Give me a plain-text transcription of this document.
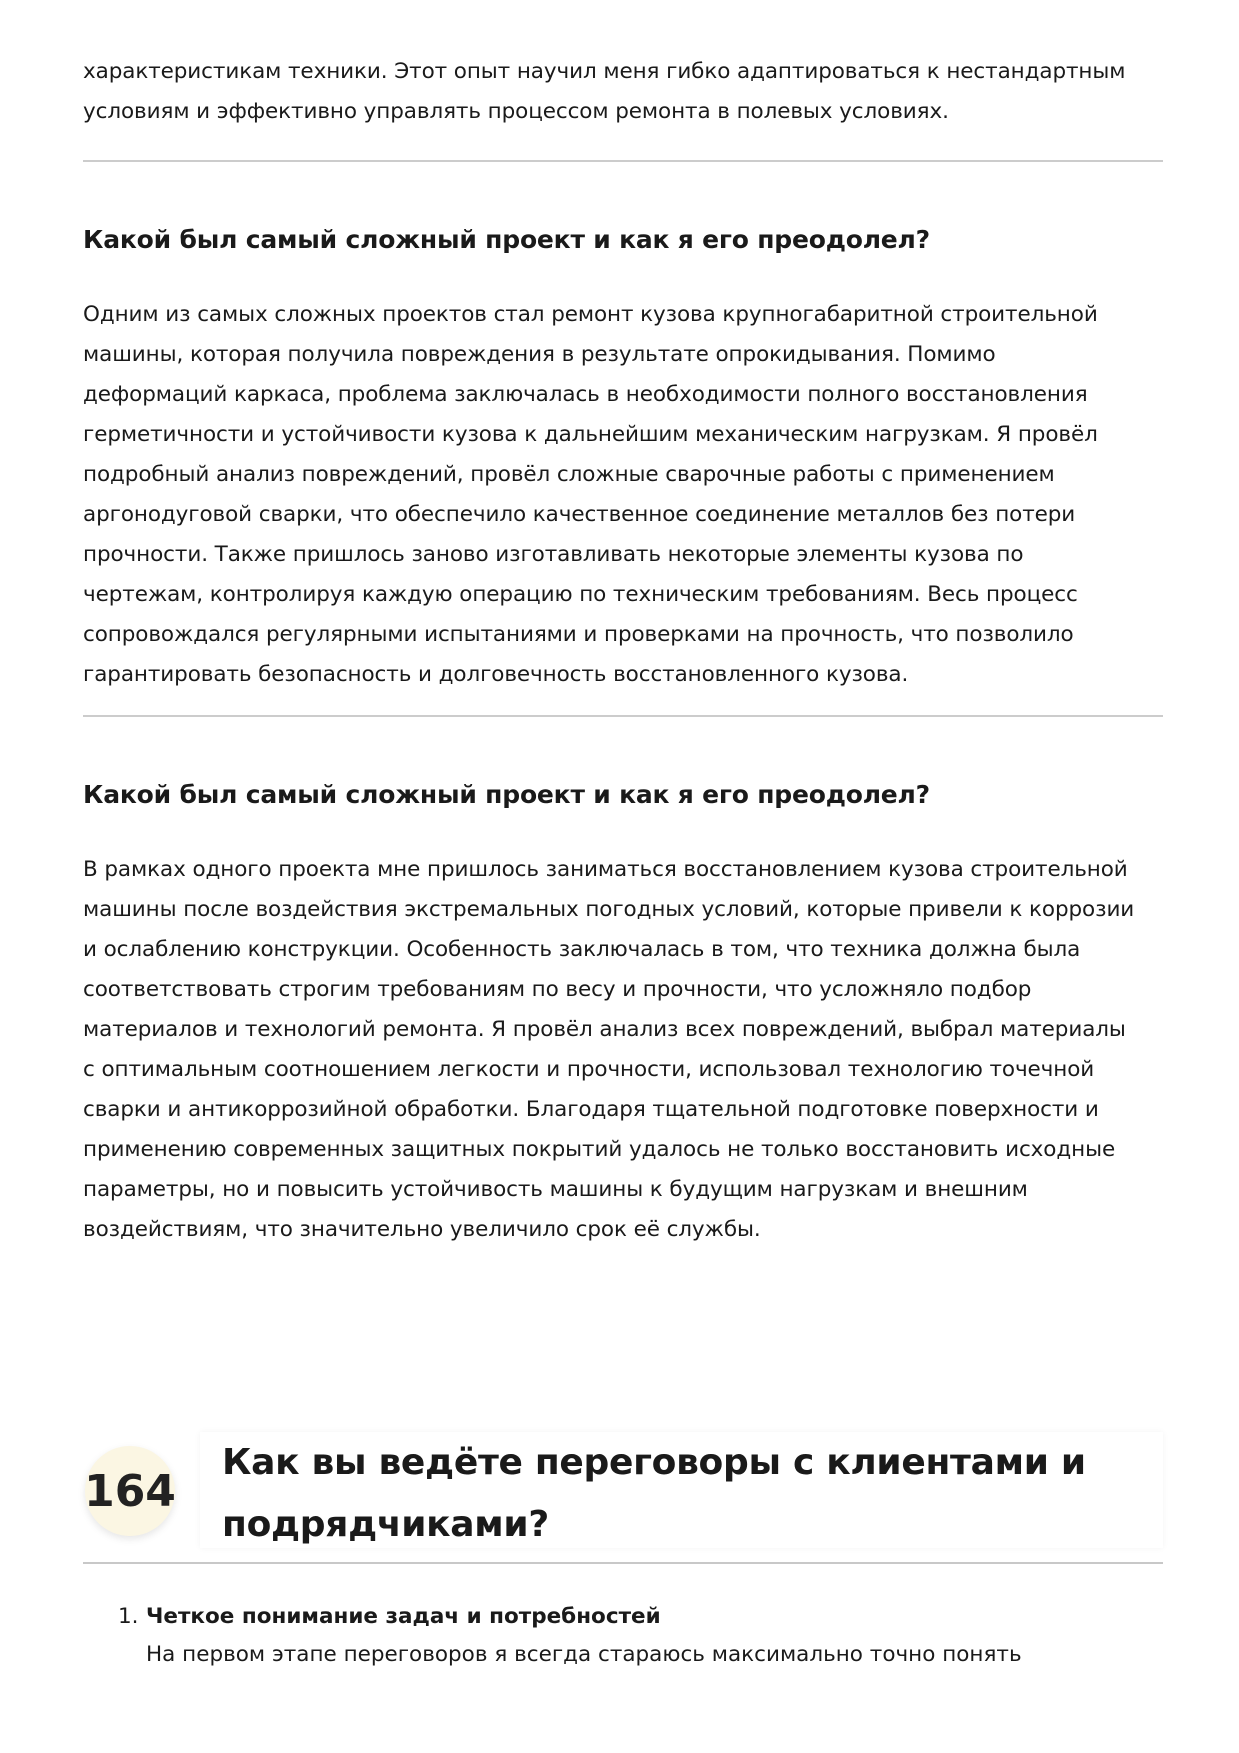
характеристикам техники. Этот опыт научил меня гибко адаптироваться к нестандартным

условиям и эффективно управлять процессом ремонта в полевых условиях.

Какой был самый сложный проект и как я его преодолел?

Одним из самых сложных проектов стал ремонт кузова крупногабаритной строительной

машины, которая получила повреждения в результате опрокидывания. Помимо

деформаций каркаса, проблема заключалась в необходимости полного восстановления

герметичности и устойчивости кузова к дальнейшим механическим нагрузкам. Я провёл

подробный анализ повреждений, провёл сложные сварочные работы с применением

аргонодуговой сварки, что обеспечило качественное соединение металлов без потери

прочности. Также пришлось заново изготавливать некоторые элементы кузова по

чертежам, контролируя каждую операцию по техническим требованиям. Весь процесс

сопровождался регулярными испытаниями и проверками на прочность, что позволило

гарантировать безопасность и долговечность восстановленного кузова.

Какой был самый сложный проект и как я его преодолел?

В рамках одного проекта мне пришлось заниматься восстановлением кузова строительной

машины после воздействия экстремальных погодных условий, которые привели к коррозии

и ослаблению конструкции. Особенность заключалась в том, что техника должна была

соответствовать строгим требованиям по весу и прочности, что усложняло подбор

материалов и технологий ремонта. Я провёл анализ всех повреждений, выбрал материалы

с оптимальным соотношением легкости и прочности, использовал технологию точечной

сварки и антикоррозийной обработки. Благодаря тщательной подготовке поверхности и

применению современных защитных покрытий удалось не только восстановить исходные

параметры, но и повысить устойчивость машины к будущим нагрузкам и внешним

воздействиям, что значительно увеличило срок её службы.

164
Как вы ведёте переговоры с клиентами и
подрядчиками?
1. Четкое понимание задач и потребностей
На первом этапе переговоров я всегда стараюсь максимально точно понять
